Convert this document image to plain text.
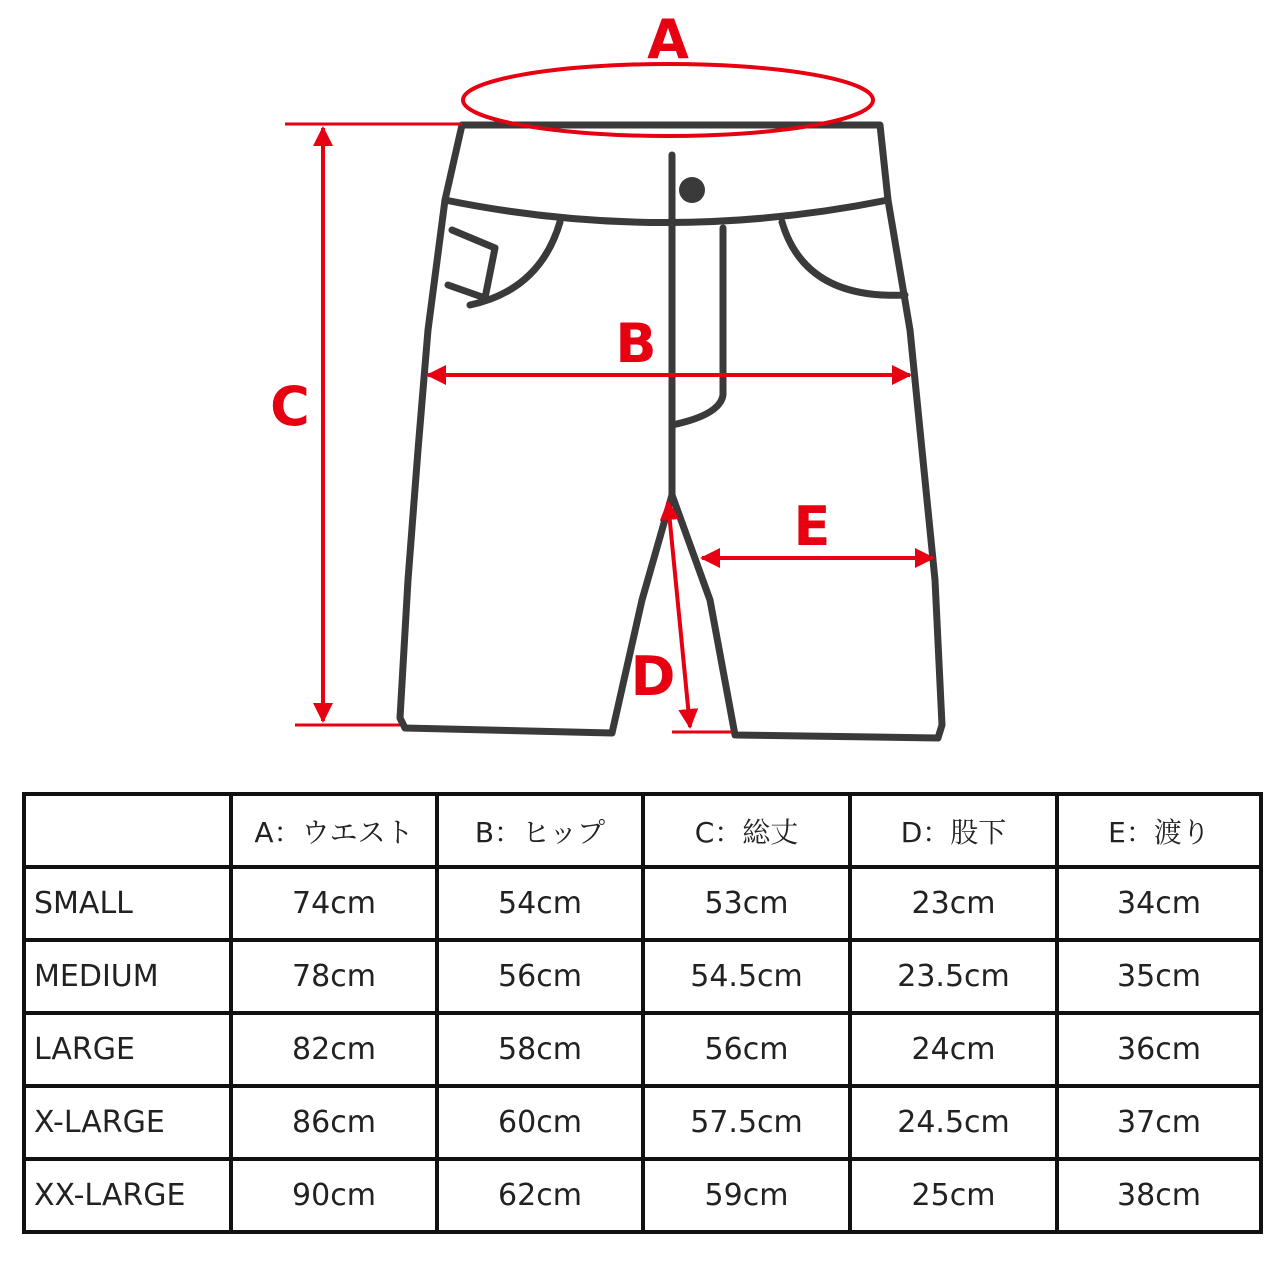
A
B
C
D
E
	A：ウエスト	B：ヒップ	C：総丈	D：股下	E：渡り
SMALL	74cm	54cm	53cm	23cm	34cm
MEDIUM	78cm	56cm	54.5cm	23.5cm	35cm
LARGE	82cm	58cm	56cm	24cm	36cm
X-LARGE	86cm	60cm	57.5cm	24.5cm	37cm
XX-LARGE	90cm	62cm	59cm	25cm	38cm
